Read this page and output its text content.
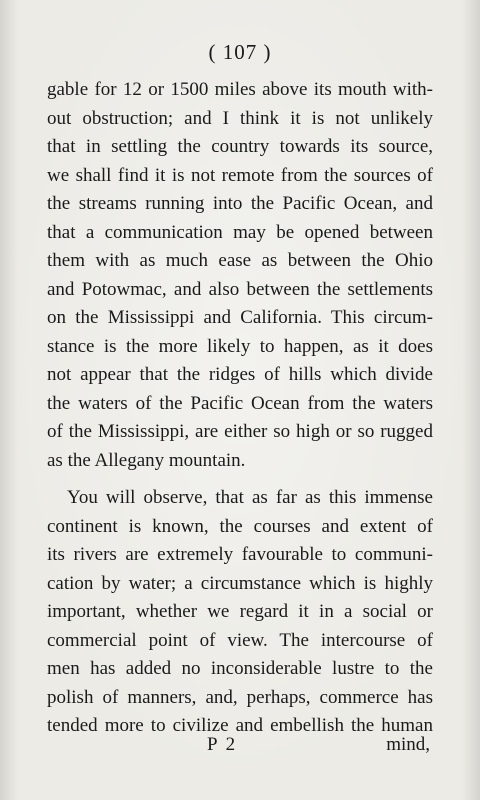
( 107 )
gable for 12 or 1500 miles above its mouth with-
out obstruction; and I think it is not unlikely
that in settling the country towards its source,
we shall find it is not remote from the sources of
the streams running into the Pacific Ocean, and
that a communication may be opened between
them with as much ease as between the Ohio
and Potowmac, and also between the settlements
on the Mississippi and California. This circum-
stance is the more likely to happen, as it does
not appear that the ridges of hills which divide
the waters of the Pacific Ocean from the waters
of the Mississippi, are either so high or so rugged
as the Allegany mountain.
You will observe, that as far as this immense
continent is known, the courses and extent of
its rivers are extremely favourable to communi-
cation by water; a circumstance which is highly
important, whether we regard it in a social or
commercial point of view. The intercourse of
men has added no inconsiderable lustre to the
polish of manners, and, perhaps, commerce has
tended more to civilize and embellish the human
P 2	mind,
